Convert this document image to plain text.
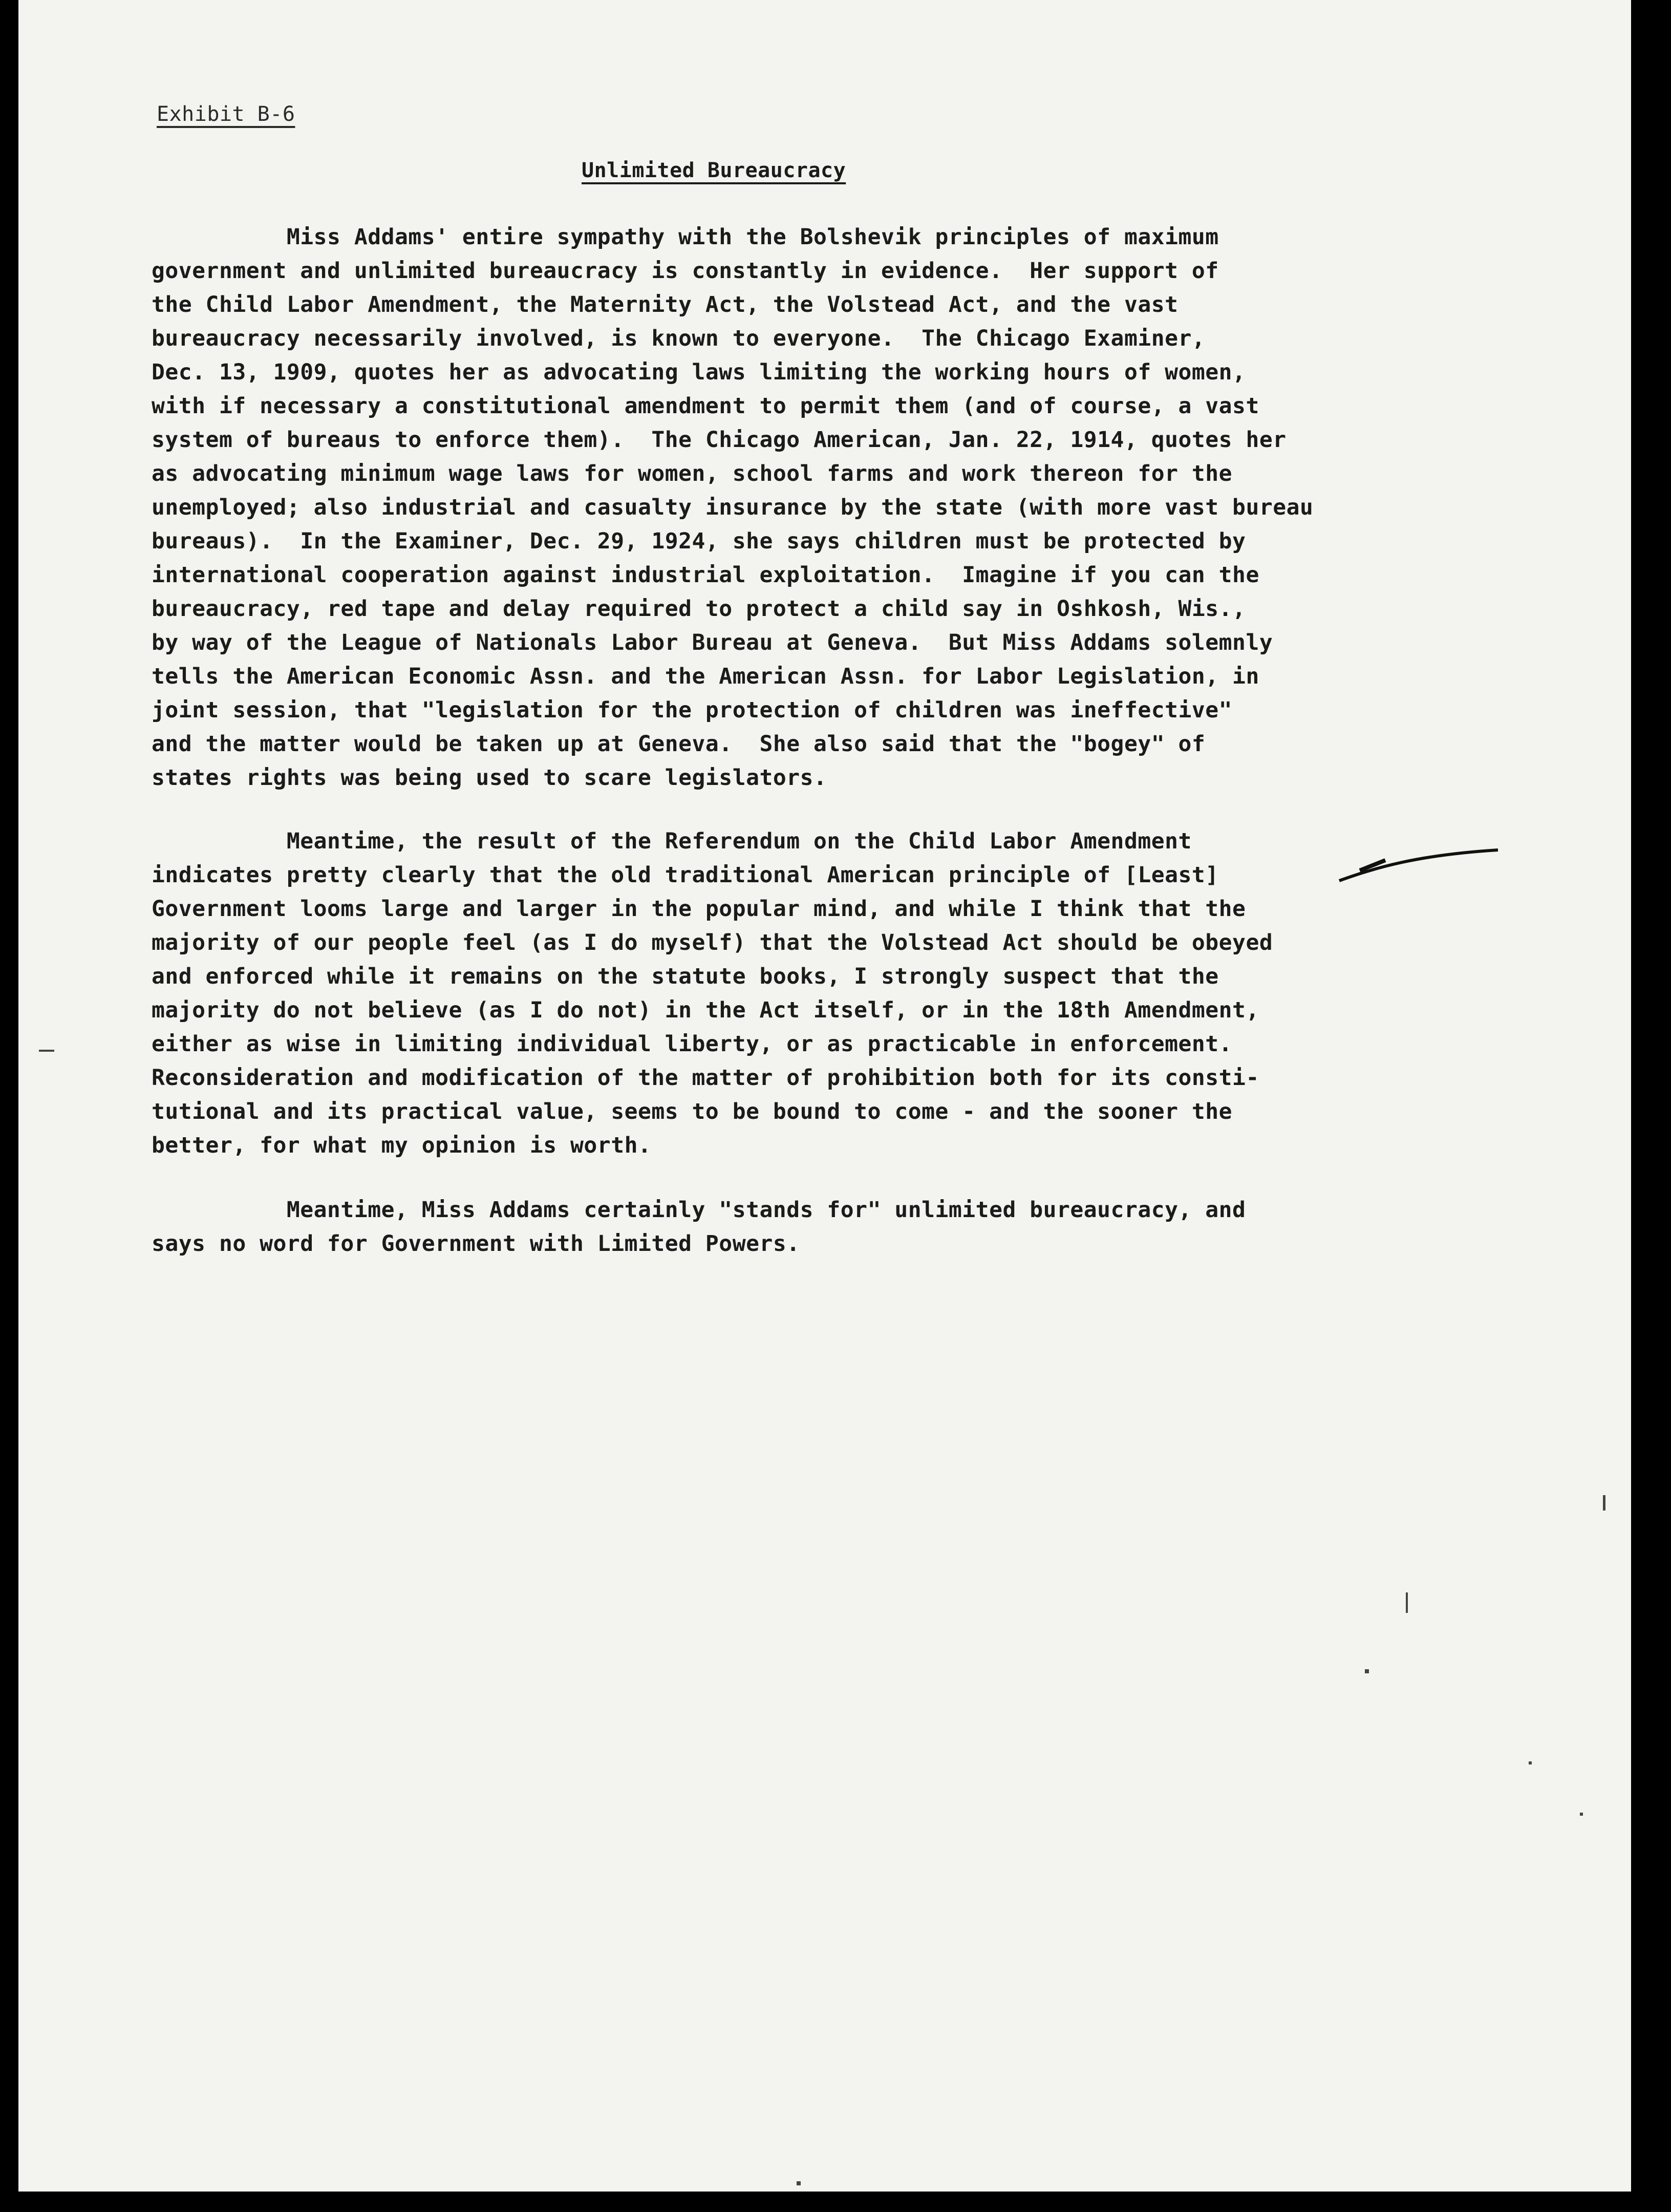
Exhibit B-6
Unlimited Bureaucracy
Miss Addams' entire sympathy with the Bolshevik principles of maximum
government and unlimited bureaucracy is constantly in evidence.  Her support of
the Child Labor Amendment, the Maternity Act, the Volstead Act, and the vast
bureaucracy necessarily involved, is known to everyone.  The Chicago Examiner,
Dec. 13, 1909, quotes her as advocating laws limiting the working hours of women,
with if necessary a constitutional amendment to permit them (and of course, a vast
system of bureaus to enforce them).  The Chicago American, Jan. 22, 1914, quotes her
as advocating minimum wage laws for women, school farms and work thereon for the
unemployed; also industrial and casualty insurance by the state (with more vast bureau
bureaus).  In the Examiner, Dec. 29, 1924, she says children must be protected by
international cooperation against industrial exploitation.  Imagine if you can the
bureaucracy, red tape and delay required to protect a child say in Oshkosh, Wis.,
by way of the League of Nationals Labor Bureau at Geneva.  But Miss Addams solemnly
tells the American Economic Assn. and the American Assn. for Labor Legislation, in
joint session, that "legislation for the protection of children was ineffective"
and the matter would be taken up at Geneva.  She also said that the "bogey" of
states rights was being used to scare legislators.
Meantime, the result of the Referendum on the Child Labor Amendment
indicates pretty clearly that the old traditional American principle of [Least]
Government looms large and larger in the popular mind, and while I think that the
majority of our people feel (as I do myself) that the Volstead Act should be obeyed
and enforced while it remains on the statute books, I strongly suspect that the
majority do not believe (as I do not) in the Act itself, or in the 18th Amendment,
either as wise in limiting individual liberty, or as practicable in enforcement.
Reconsideration and modification of the matter of prohibition both for its consti-
tutional and its practical value, seems to be bound to come - and the sooner the
better, for what my opinion is worth.
Meantime, Miss Addams certainly "stands for" unlimited bureaucracy, and
says no word for Government with Limited Powers.
